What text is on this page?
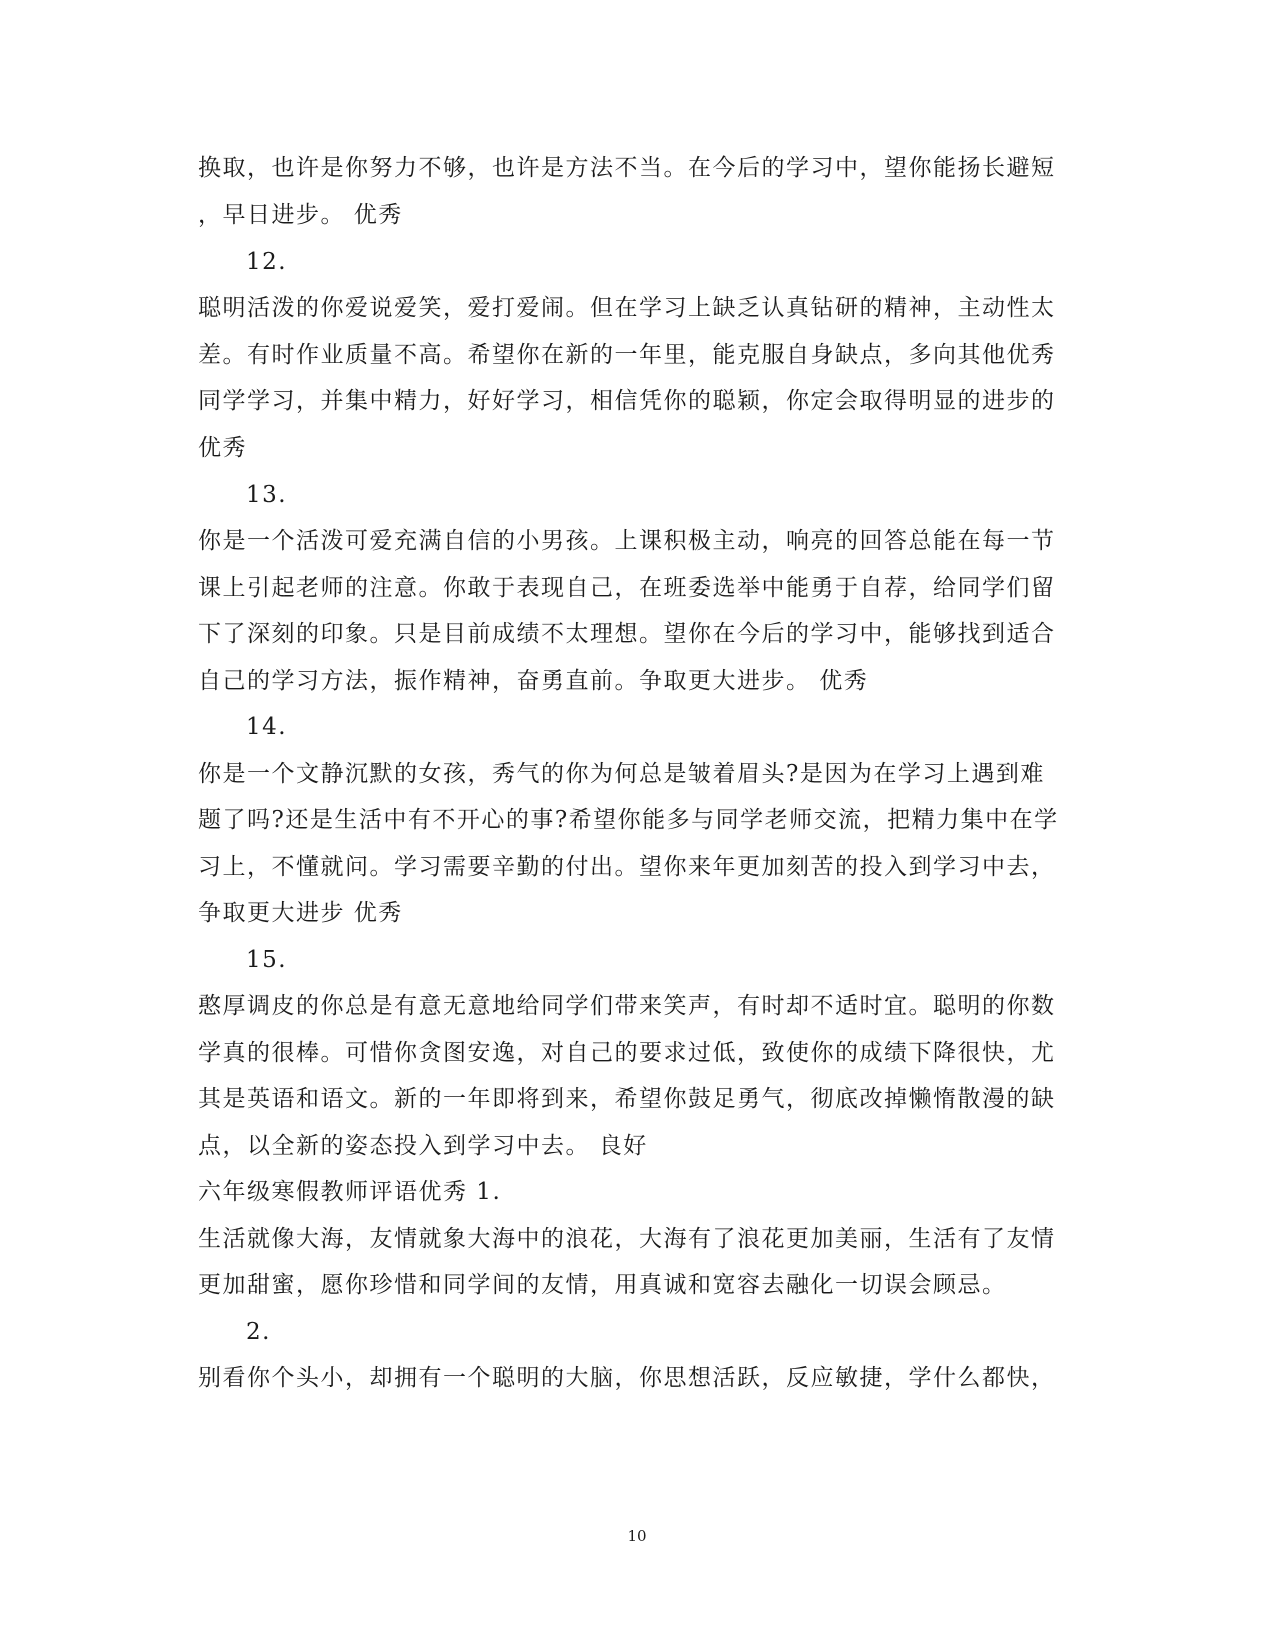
换取，也许是你努力不够，也许是方法不当。在今后的学习中，望你能扬长避短
，早日进步。 优秀
12.
聪明活泼的你爱说爱笑，爱打爱闹。但在学习上缺乏认真钻研的精神，主动性太
差。有时作业质量不高。希望你在新的一年里，能克服自身缺点，多向其他优秀
同学学习，并集中精力，好好学习，相信凭你的聪颖，你定会取得明显的进步的
优秀
13.
你是一个活泼可爱充满自信的小男孩。上课积极主动，响亮的回答总能在每一节
课上引起老师的注意。你敢于表现自己，在班委选举中能勇于自荐，给同学们留
下了深刻的印象。只是目前成绩不太理想。望你在今后的学习中，能够找到适合
自己的学习方法，振作精神，奋勇直前。争取更大进步。 优秀
14.
你是一个文静沉默的女孩，秀气的你为何总是皱着眉头?是因为在学习上遇到难
题了吗?还是生活中有不开心的事?希望你能多与同学老师交流，把精力集中在学
习上，不懂就问。学习需要辛勤的付出。望你来年更加刻苦的投入到学习中去，
争取更大进步 优秀
15.
憨厚调皮的你总是有意无意地给同学们带来笑声，有时却不适时宜。聪明的你数
学真的很棒。可惜你贪图安逸，对自己的要求过低，致使你的成绩下降很快，尤
其是英语和语文。新的一年即将到来，希望你鼓足勇气，彻底改掉懒惰散漫的缺
点，以全新的姿态投入到学习中去。 良好
六年级寒假教师评语优秀 1.
生活就像大海，友情就象大海中的浪花，大海有了浪花更加美丽，生活有了友情
更加甜蜜，愿你珍惜和同学间的友情，用真诚和宽容去融化一切误会顾忌。
2.
别看你个头小，却拥有一个聪明的大脑，你思想活跃，反应敏捷，学什么都快，
10
